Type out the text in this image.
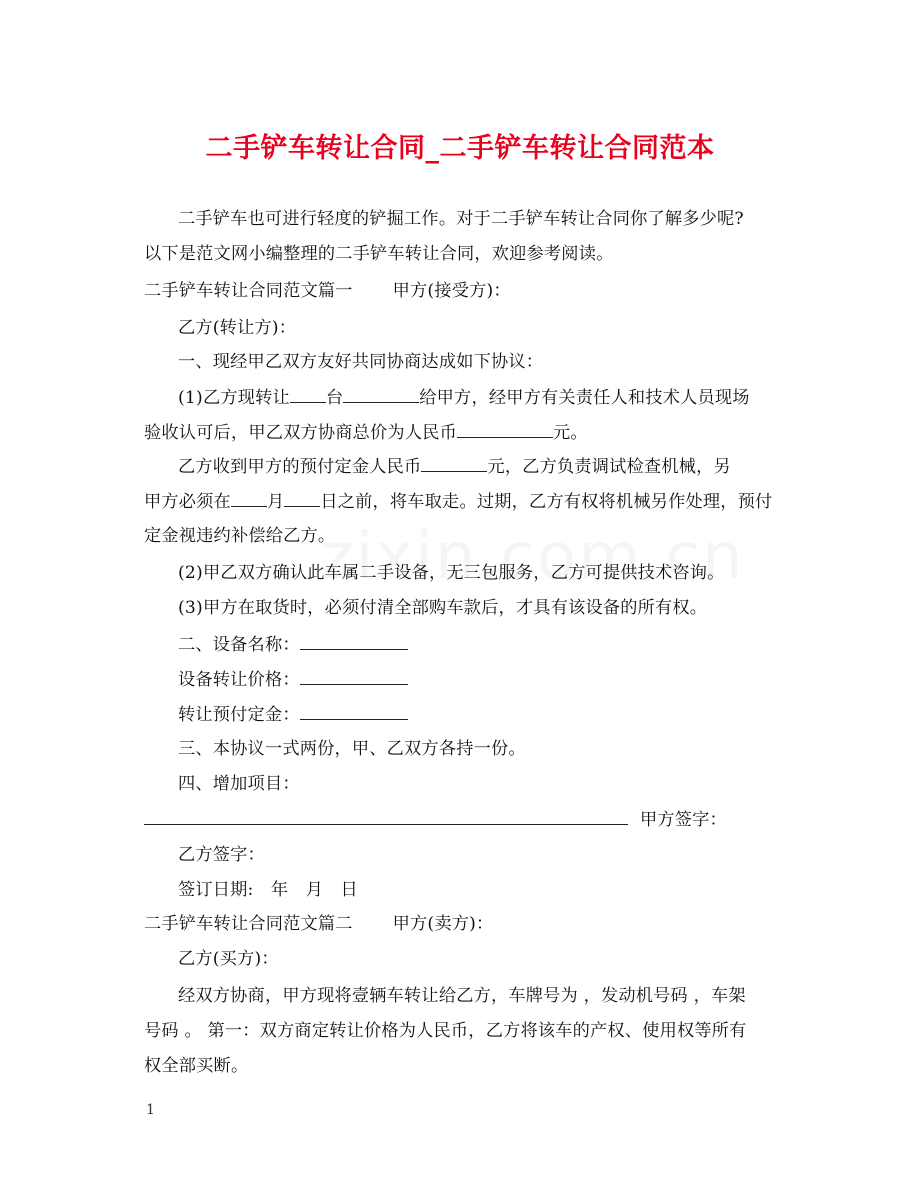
二手铲车转让合同_二手铲车转让合同范本
二手铲车也可进行轻度的铲掘工作。对于二手铲车转让合同你了解多少呢?
以下是范文网小编整理的二手铲车转让合同，欢迎参考阅读。
二手铲车转让合同范文篇一 甲方(接受方)：
乙方(转让方)：
一、现经甲乙双方友好共同协商达成如下协议：
(1)乙方现转让 台	给甲方，经甲方有关责任人和技术人员现场
验收认可后，甲乙双方协商总价为人民币	元。
乙方收到甲方的预付定金人民币	元，乙方负责调试检查机械，另
甲方必须在 月 日之前，将车取走。过期，乙方有权将机械另作处理，预付
定金视违约补偿给乙方。
(2)甲乙双方确认此车属二手设备，无三包服务，乙方可提供技术咨询。
(3)甲方在取货时，必须付清全部购车款后，才具有该设备的所有权。
二、设备名称：
设备转让价格：
转让预付定金：
三、本协议一式两份，甲、乙双方各持一份。
四、增加项目：
甲方签字：
乙方签字：
签订日期:　年　月　日
二手铲车转让合同范文篇二 甲方(卖方)：
乙方(买方)：
经双方协商，甲方现将壹辆车转让给乙方，车牌号为 ，发动机号码 ，车架
号码 。 第一：双方商定转让价格为人民币，乙方将该车的产权、使用权等所有
权全部买断。
1
